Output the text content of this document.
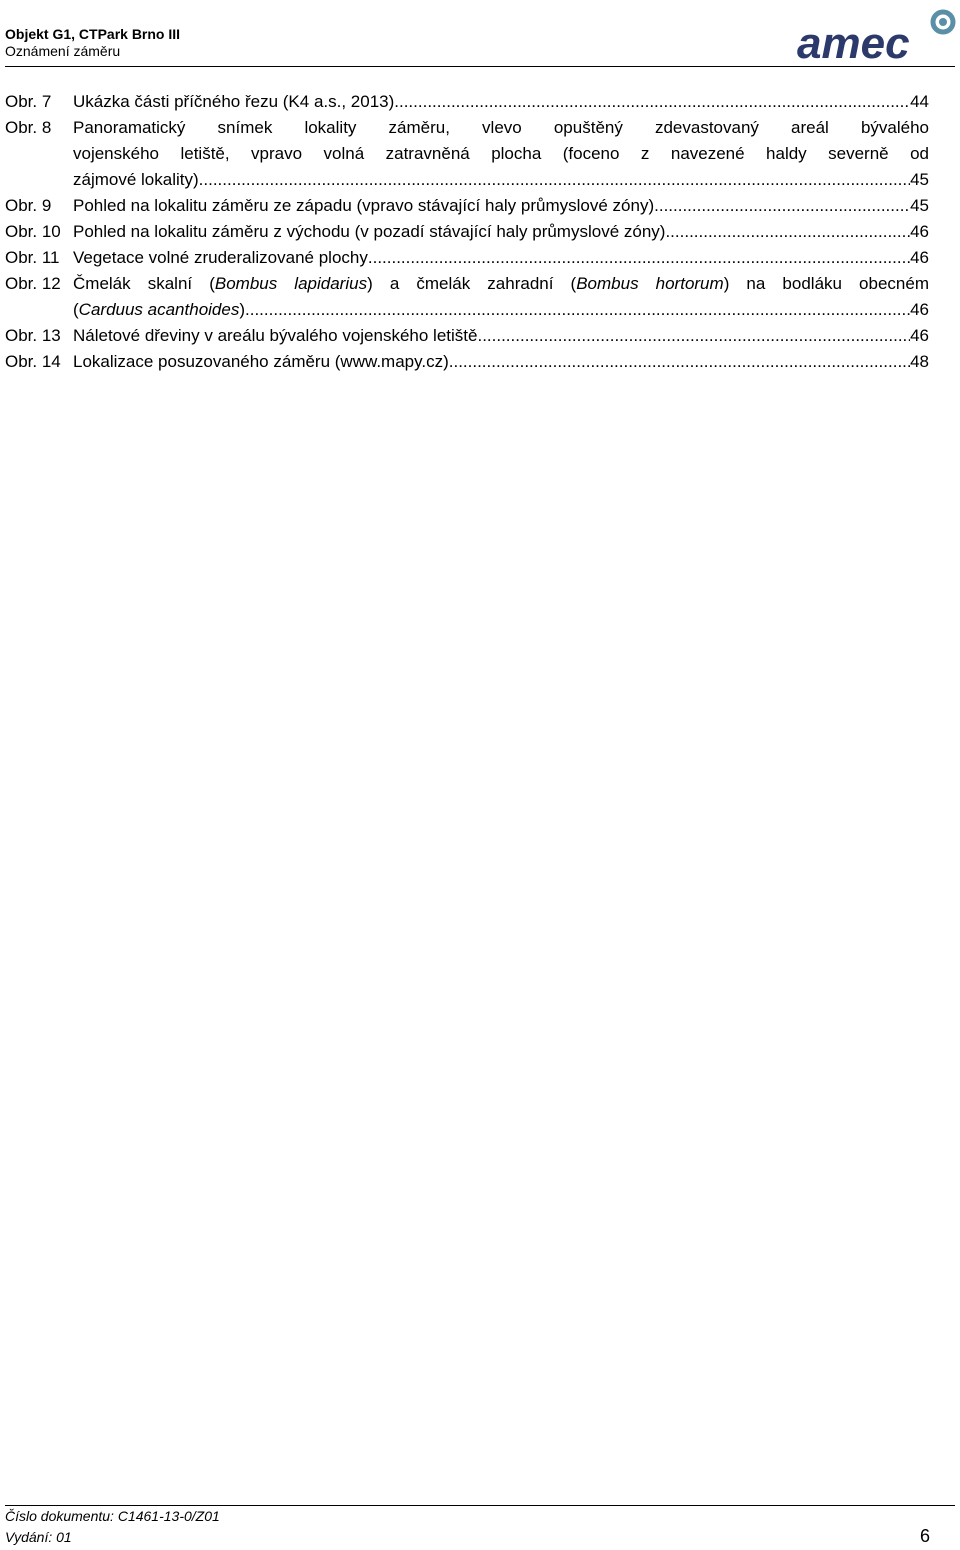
Objekt G1, CTPark Brno III
Oznámení záměru	amec
Obr. 7 Ukázka části příčného řezu (K4 a.s., 2013) .....	44
Obr. 8 Panoramatický snímek lokality záměru, vlevo opuštěný zdevastovaný areál bývalého
vojenského letiště, vpravo volná zatravněná plocha (foceno z navezené haldy severně od
zájmové lokality) .....	45
Obr. 9 Pohled na lokalitu záměru ze západu (vpravo stávající haly průmyslové zóny) .....	45
Obr. 10 Pohled na lokalitu záměru z východu (v pozadí stávající haly průmyslové zóny) .....	46
Obr. 11 Vegetace volné zruderalizované plochy .....	46
Obr. 12 Čmelák skalní (Bombus lapidarius) a čmelák zahradní (Bombus hortorum) na bodláku obecném
(Carduus acanthoides) .....	46
Obr. 13 Náletové dřeviny v areálu bývalého vojenského letiště .....	46
Obr. 14 Lokalizace posuzovaného záměru (www.mapy.cz) .....	48
Číslo dokumentu: C1461-13-0/Z01
Vydání: 01	6
